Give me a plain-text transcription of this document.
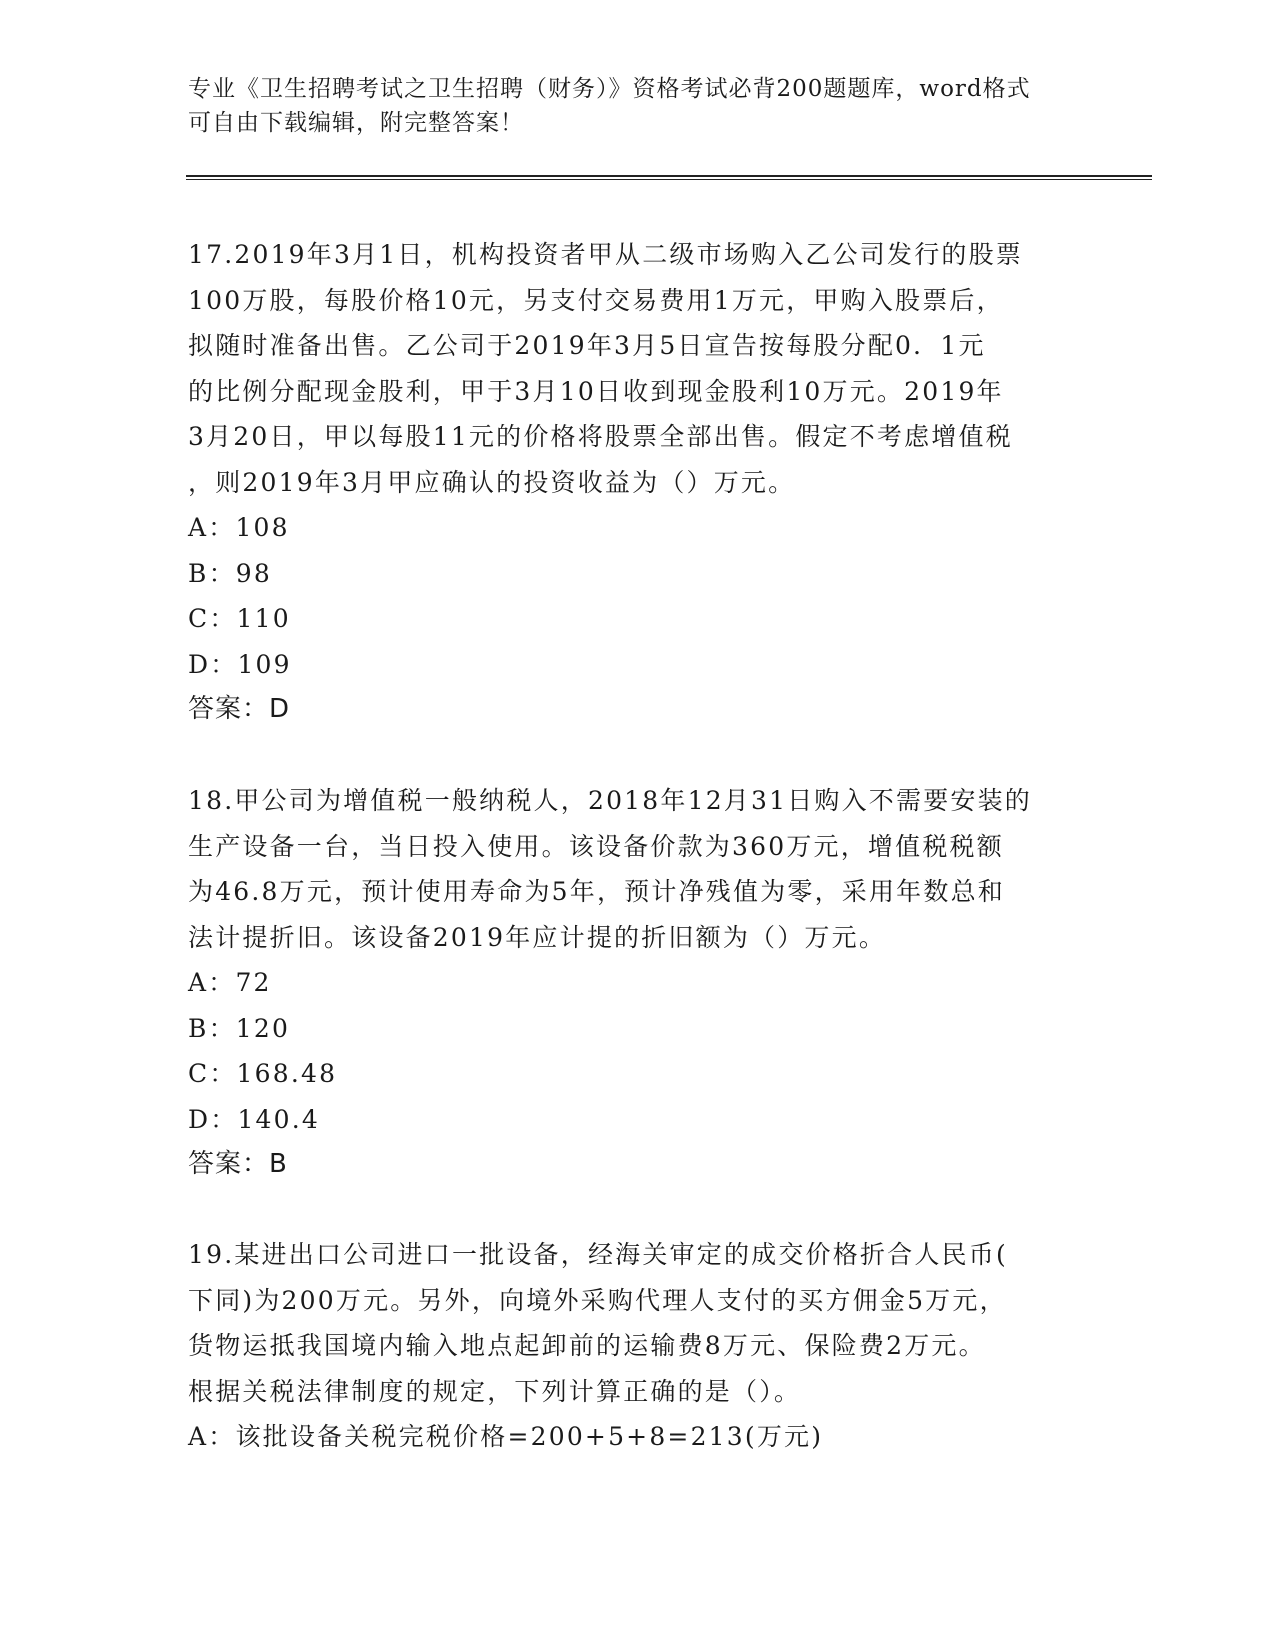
专业《卫生招聘考试之卫生招聘（财务）》资格考试必背200题题库，word格式
可自由下载编辑，附完整答案！
17.2019年3月1日，机构投资者甲从二级市场购入乙公司发行的股票
100万股，每股价格10元，另支付交易费用1万元，甲购入股票后，
拟随时准备出售。乙公司于2019年3月5日宣告按每股分配0．1元
的比例分配现金股利，甲于3月10日收到现金股利10万元。2019年
3月20日，甲以每股11元的价格将股票全部出售。假定不考虑增值税
，则2019年3月甲应确认的投资收益为（）万元。
A：108
B：98
C：110
D：109
答案：D
18.甲公司为增值税一般纳税人，2018年12月31日购入不需要安装的
生产设备一台，当日投入使用。该设备价款为360万元，增值税税额
为46.8万元，预计使用寿命为5年，预计净残值为零，采用年数总和
法计提折旧。该设备2019年应计提的折旧额为（）万元。
A：72
B：120
C：168.48
D：140.4
答案：B
19.某进出口公司进口一批设备，经海关审定的成交价格折合人民币(
下同)为200万元。另外，向境外采购代理人支付的买方佣金5万元，
货物运抵我国境内输入地点起卸前的运输费8万元、保险费2万元。
根据关税法律制度的规定，下列计算正确的是（）。
A：该批设备关税完税价格=200+5+8=213(万元)
